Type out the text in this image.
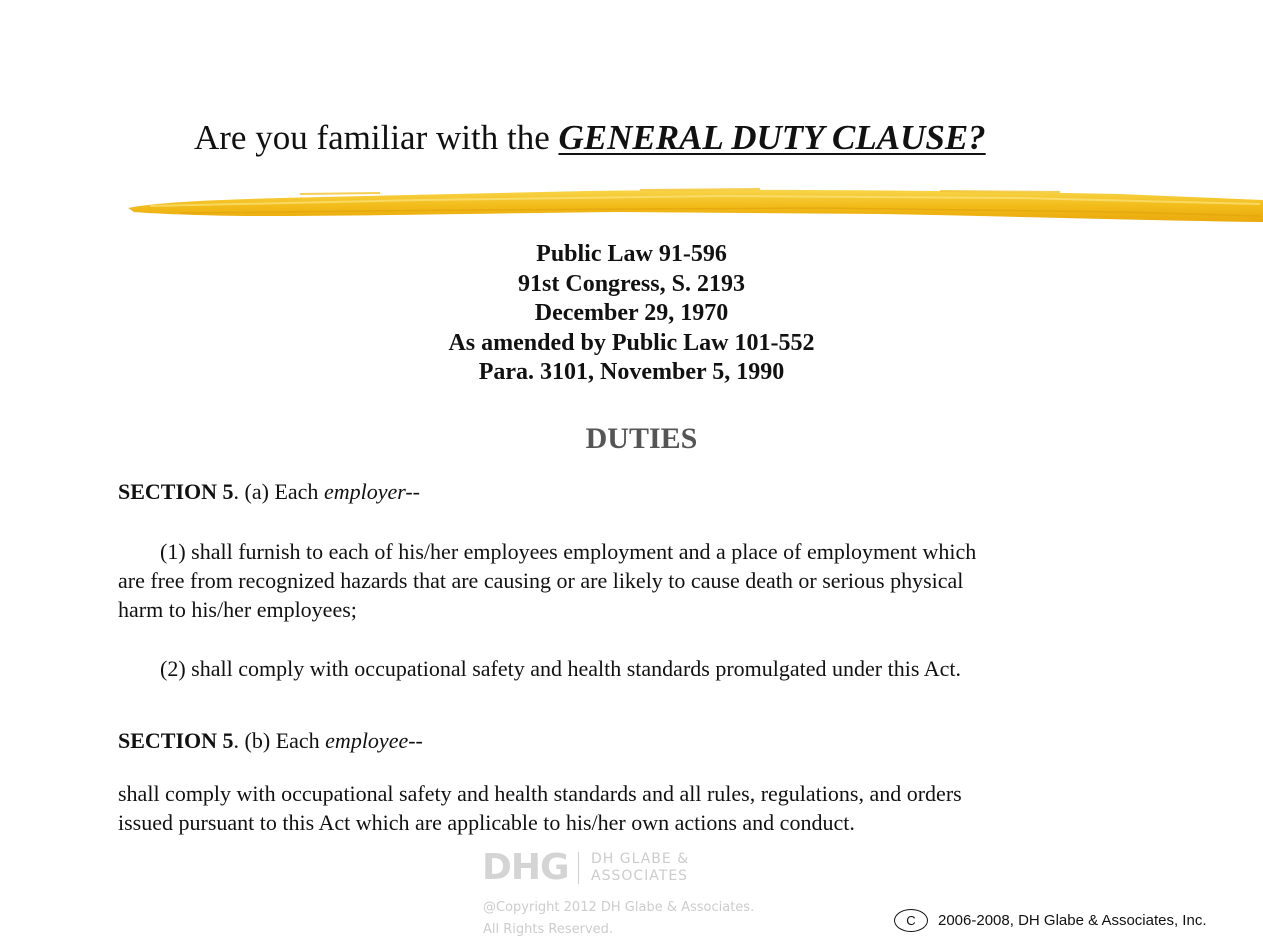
Are you familiar with the GENERAL DUTY CLAUSE?
Public Law 91-596
91st Congress, S. 2193
December 29, 1970
As amended by Public Law 101-552
Para. 3101, November 5, 1990
DUTIES

SECTION 5. (a) Each employer--

(1) shall furnish to each of his/her employees employment and a place of employment which
are free from recognized hazards that are causing or are likely to cause death or serious physical
harm to his/her employees;
(2) shall comply with occupational safety and health standards promulgated under this Act.

SECTION 5. (b) Each employee--

shall comply with occupational safety and health standards and all rules, regulations, and orders
issued pursuant to this Act which are applicable to his/her own actions and conduct.
DHG DH GLABE &
ASSOCIATES
@Copyright 2012 DH Glabe & Associates.
All Rights Reserved.
C	2006-2008, DH Glabe & Associates, Inc.
